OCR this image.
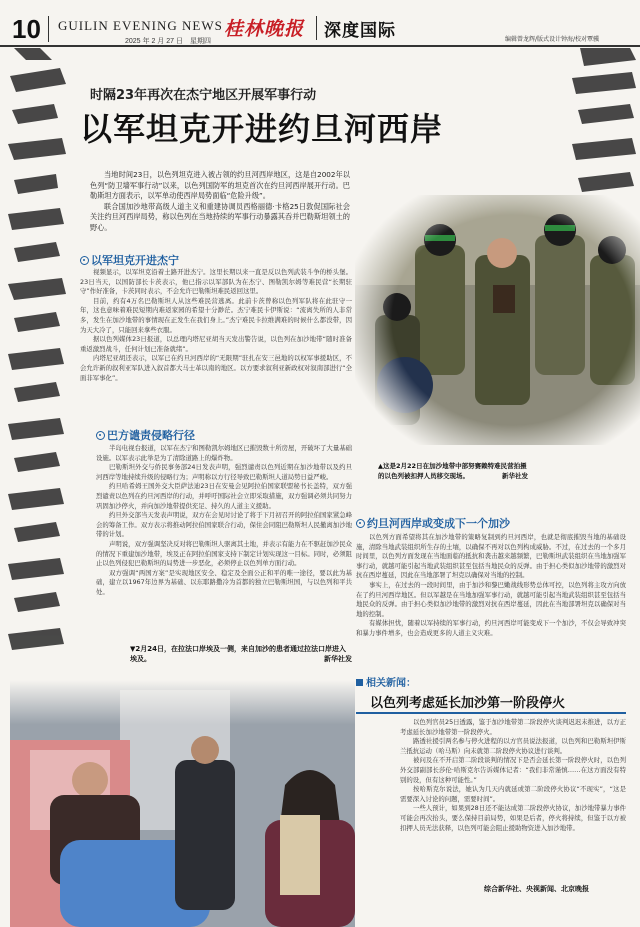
10 GUILIN EVENING NEWS
2025 年 2 月 27 日　星期四
桂林晚报 深度国际	编辑曾龙辉/版式设计钟海/校对覃骥
时隔23年再次在杰宁地区开展军事行动
以军坦克开进约旦河西岸

当地时间23日，以色列坦克进入被占领的约旦河西岸地区，这是自2002年以色列“防卫墙军事行动”以来，以色列国防军的坦克首次在约旦河西岸展开行动。巴勒斯坦方面表示，以军单动使西岸局势面临“危险升级”。

联合国加沙地带高级人道主义和重建协调员西格丽德·卡格25日敦促国际社会关注约旦河西岸局势，称以色列在当地持续的军事行动暴露其吞并巴勒斯坦领土的野心。

以军坦克开进杰宁

视频显示，以军坦克沿着土路开进杰宁。这里长期以来一直是反以色列武装斗争的桥头堡。23日当天，以国防部长卡茨表示，他已指示以军部队为在杰宁、图勒凯尔姆等难民营“长期驻守”作好准备，卡茨同时表示，不会允许巴勒斯坦难民返回这里。

目前，约有4万名巴勒斯坦人从这些难民营逃离。此前卡茨曾称以色列军队将在此驻守一年，这也意味着难民短期内难返家园的希望十分渺茫。杰宁难民卡伊斯说：“流离失所的人非常多，发生在加沙地带的事情现在正发生在我们身上。”杰宁难民卡拉维满难的时候什么都没带，因为天大冷了，只能回来拿些衣服。

据以色列媒体23日报道，以总理内塔尼亚胡当天发出警告说，以色列在加沙地带“随时准备重返激烈战斗，任何计划已准备就绪”。

内塔尼亚胡还表示，以军已在约旦河西岸的“无限期”驻扎在安三邑地的以权军事援助区，不会允许新的叙利亚军队进入叙首都大马士革以南的地区。以方要求叙利亚新政权对叙南部进行“全面非军事化”。

巴方谴责侵略行径

半岛电视台报道，以军在杰宁和图勒凯尔姆地区已摧毁数十所房屋，开破坏了大量基础设施。以军表示此举是为了清除道路上的爆炸物。

巴勒斯坦外交与侨民事务部24日发表声明，强烈谴责以色列近期在加沙地带以及约旦河西岸等地持续升级的侵略行为；声明称以方行径导致巴勒斯坦人道局势日益严峻。

约旦哈希姆王国外交大臣萨法迪23日在安曼会见阿拉伯国家联盟秘书长盖特，双方强烈谴责以色列在约旦河西岸的行动，并呼吁国际社会立即采取措施，双方强调必须共同努力巩固加沙停火，并向加沙地带提供充足、持久的人道主义援助。

约旦外交部当天发表声明说，双方在会见时讨论了将于下月初召开的阿拉伯国家紧急峰会的筹备工作。双方表示将推动阿拉伯国家联合行动，保住会同阻巴勒斯坦人民撤离加沙地带的计划。

声明说，双方强调坚决反对将巴勒斯坦人驱离其土地，并表示有能力在不驱赶加沙民众的情况下重建加沙地带，埃及正在阿拉伯国家支持下制定计划实现这一目标。同时，必须阻止以色列侵犯巴勒斯坦的局势进一步恶化，必须停止以色列单方面行动。

双方强调“两国方案”是实现地区安全、稳定及全面公正和平的唯一途径，要以此为基础，建立以1967年边界为基础、以东耶路撒冷为首都的独立巴勒斯坦国，与以色列和平共处。

▼2月24日，在拉法口岸埃及一侧，来自加沙的患者通过拉法口岸进入埃及。	新华社发
▲这是2月22日在加沙地带中部努赛赖特难民营拍摄的以色列被扣押人员移交现场。	新华社发
约旦河西岸或变成下一个加沙

以色列方面希望将其在加沙地带的策略复制到约旦河西岸，也就是彻底摧毁当地的基础设施，清除当地武装组织所生存的土壤，以确保不再对以色列构成威胁。不过，在过去的一个多月时间里，以色列方面发现在当地面临的抵抗和袭击越来越频繁，巴勒斯坦武装组织在当地加强军事行动，就越可能引起当地武装组织甚至包括当地民众的反弹。由于担心类似加沙地带的激烈对抗在西岸蔓延，因此在当地部署了坦克以确保对当地的控制。

事实上，在过去的一段时间里，由于加沙和黎巴嫩战线形势总体可控，以色列将主攻方向放在了约旦河西岸地区。但以军越是在当地加强军事行动，就越可能引起当地武装组织甚至包括当地民众的反弹。由于担心类似加沙地带的激烈对抗在西岸蔓延，因此在当地部署坦克以确保对当地的控制。

有媒体担忧，随着以军持续的军事行动，约旦河西岸可能变成下一个加沙，不仅会导致冲突和暴力事件增多，也会造成更多的人道主义灾难。

相关新闻：
以色列考虑延长加沙第一阶段停火

以色列官员25日透露，鉴于加沙地带第二阶段停火谈判迟迟未推进，以方正考虑延长加沙地带第一阶段停火。

路透社援引两名参与停火进程的以方官员说法报道，以色列和巴勒斯坦伊斯兰抵抗运动（哈马斯）向未就第二阶段停火协议进行谈判。

被问及在不开启第二阶段谈判的情况下是否会延长第一阶段停火时，以色列外交部副部长莎伦·哈斯克尔告诉媒体记者：“我们非常谨慎……在这方面没有特别的设，但有这种可能性。”

按哈斯克尔说法，她认为几天内就延或第二阶段停火协议“不现实”，“这是需要深入讨论的问题，需要时间”。

一些人预计，如果到28日还不能达成第二阶段停火协议，加沙地带暴力事件可能会再次抬头，要么保持目前局势，如果是后者，停火将持续，但鉴于以方被扣押人员无法获释，以色列可能会阻止援助物资进入加沙地带。

综合新华社、央视新闻、北京晚报
